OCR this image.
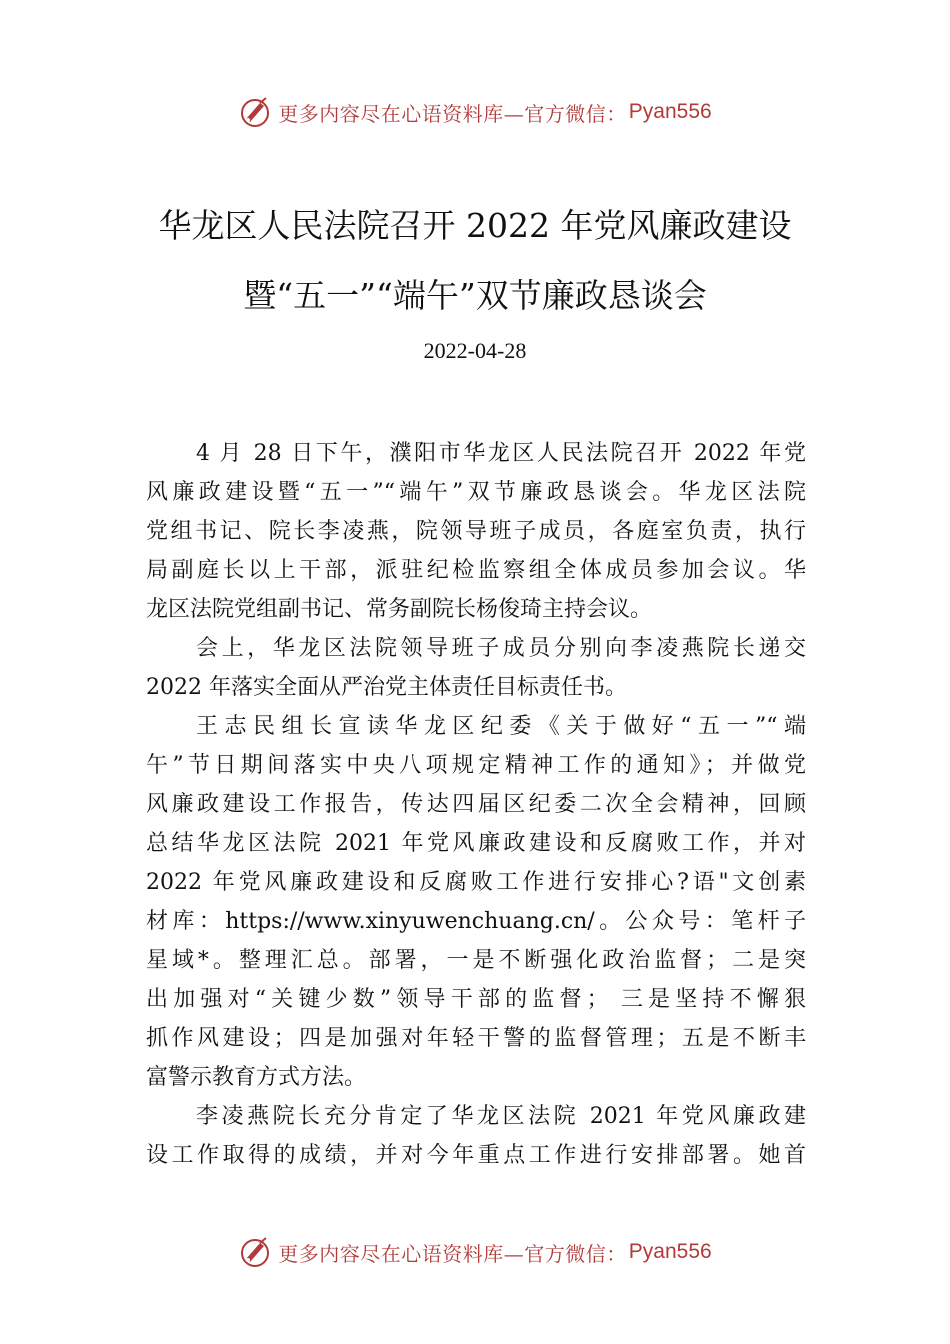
更多内容尽在心语资料库—官方微信： Pyan556
华龙区人民法院召开 2022 年党风廉政建设
暨“五一”“端午”双节廉政恳谈会
2022-04-28
4 月 28 日下午，濮阳市华龙区人民法院召开 2022 年党
风廉政建设暨“五一”“端午”双节廉政恳谈会。华龙区法院
党组书记、院长李凌燕，院领导班子成员，各庭室负责，执行
局副庭长以上干部，派驻纪检监察组全体成员参加会议。华
龙区法院党组副书记、常务副院长杨俊琦主持会议。
会上，华龙区法院领导班子成员分别向李凌燕院长递交
2022 年落实全面从严治党主体责任目标责任书。
王志民组长宣读华龙区纪委《关于做好“五一”“端
午”节日期间落实中央八项规定精神工作的通知》；并做党
风廉政建设工作报告，传达四届区纪委二次全会精神，回顾
总结华龙区法院 2021 年党风廉政建设和反腐败工作，并对
2022 年党风廉政建设和反腐败工作进行安排心?语"文创素
材库：https://www.xinyuwenchuang.cn/。公众号：笔杆子
星域*。整理汇总。部署，一是不断强化政治监督；二是突
出加强对“关键少数”领导干部的监督； 三是坚持不懈狠
抓作风建设；四是加强对年轻干警的监督管理；五是不断丰
富警示教育方式方法。
李凌燕院长充分肯定了华龙区法院 2021 年党风廉政建
设工作取得的成绩，并对今年重点工作进行安排部署。她首
更多内容尽在心语资料库—官方微信： Pyan556
